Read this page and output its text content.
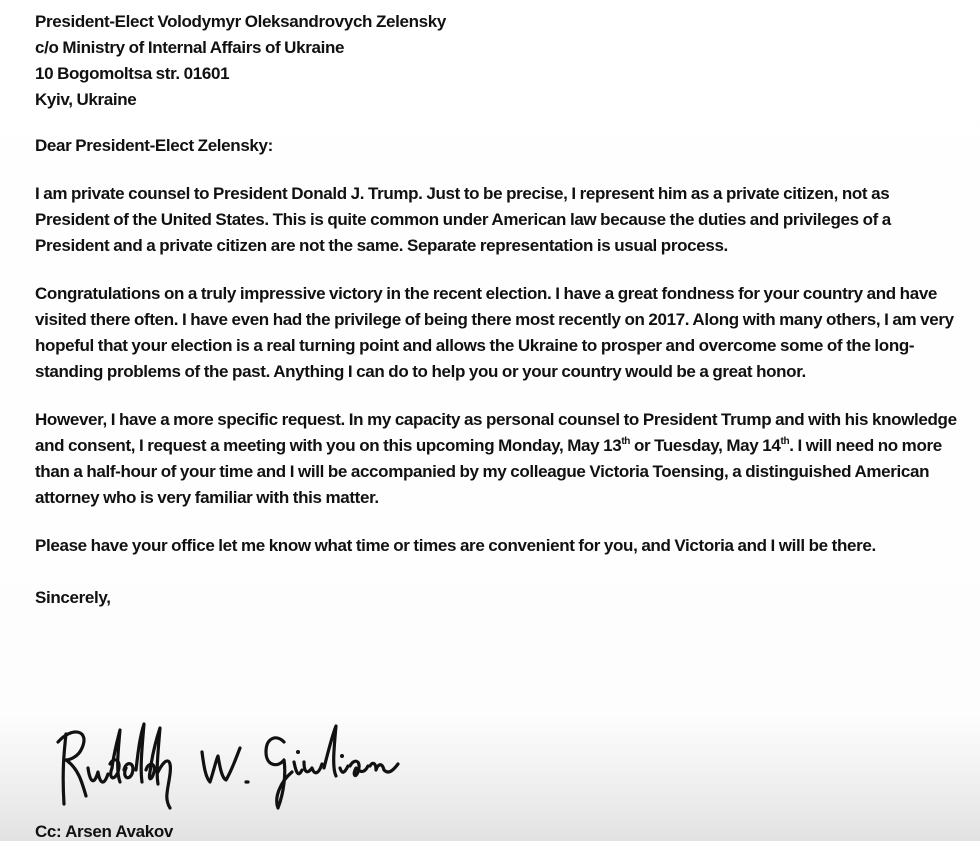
President-Elect Volodymyr Oleksandrovych Zelensky
c/o Ministry of Internal Affairs of Ukraine
10 Bogomoltsa str. 01601
Kyiv, Ukraine
Dear President-Elect Zelensky:
I am private counsel to President Donald J. Trump. Just to be precise, I represent him as a private citizen, not as President of the United States. This is quite common under American law because the duties and privileges of a President and a private citizen are not the same. Separate representation is usual process.
Congratulations on a truly impressive victory in the recent election. I have a great fondness for your country and have visited there often. I have even had the privilege of being there most recently on 2017. Along with many others, I am very hopeful that your election is a real turning point and allows the Ukraine to prosper and overcome some of the long-standing problems of the past. Anything I can do to help you or your country would be a great honor.
However, I have a more specific request. In my capacity as personal counsel to President Trump and with his knowledge and consent, I request a meeting with you on this upcoming Monday, May 13th or Tuesday, May 14th. I will need no more than a half-hour of your time and I will be accompanied by my colleague Victoria Toensing, a distinguished American attorney who is very familiar with this matter.
Please have your office let me know what time or times are convenient for you, and Victoria and I will be there.
Sincerely,
Cc: Arsen Avakov
